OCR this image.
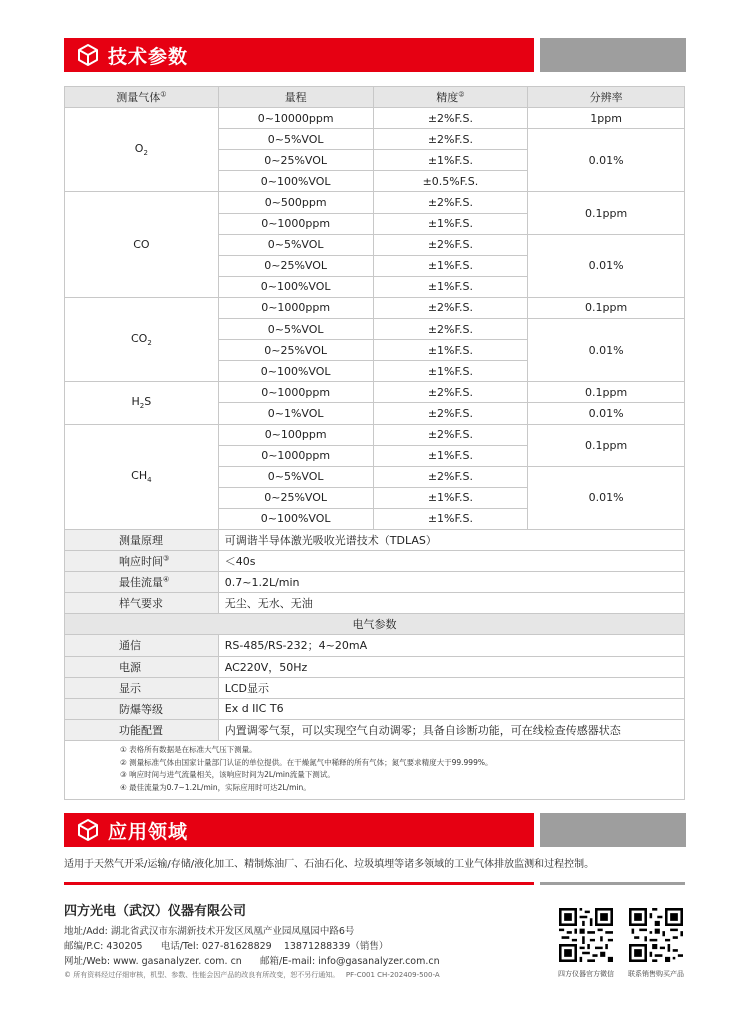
技术参数
测量气体①	量程	精度②	分辨率
$O_2$	0~10000ppm	±2%F.S.	1ppm
	0~5%VOL	±2%F.S.	0.01%
	0~25%VOL	±1%F.S.	
	0~100%VOL	±0.5%F.S.	
CO	0~500ppm	±2%F.S.	0.1ppm
	0~1000ppm	±1%F.S.	
	0~5%VOL	±2%F.S.	0.01%
	0~25%VOL	±1%F.S.	
	0~100%VOL	±1%F.S.	
$CO_2$	0~1000ppm	±2%F.S.	0.1ppm
	0~5%VOL	±2%F.S.	0.01%
	0~25%VOL	±1%F.S.	
	0~100%VOL	±1%F.S.	
$H_2S$	0~1000ppm	±2%F.S.	0.1ppm
	0~1%VOL	±2%F.S.	0.01%
$CH_4$	0~100ppm	±2%F.S.	0.1ppm
	0~1000ppm	±1%F.S.	
	0~5%VOL	±2%F.S.	0.01%
	0~25%VOL	±1%F.S.	
	0~100%VOL	±1%F.S.	
测量原理	可调谐半导体激光吸收光谱技术（TDLAS）		
响应时间③	＜40s		
最佳流量④	0.7~1.2L/min		
样气要求	无尘、无水、无油		
电气参数			
通信	RS-485/RS-232；4~20mA		
电源	AC220V，50Hz		
显示	LCD显示		
防爆等级	Ex d IIC T6		
功能配置	内置调零气泵，可以实现空气自动调零；具备自诊断功能，可在线检查传感器状态		
① 表格所有数据是在标准大气压下测量。
② 测量标准气体由国家计量部门认证的单位提供。在干燥氮气中稀释的所有气体；氮气要求精度大于99.999%。
③ 响应时间与进气流量相关，该响应时间为2L/min流量下测试。
④ 最佳流量为0.7~1.2L/min，实际应用时可达2L/min。
应用领域
适用于天然气开采/运输/存储/液化加工、精制炼油厂、石油石化、垃圾填埋等诸多领域的工业气体排放监测和过程控制。
四方光电（武汉）仪器有限公司
地址/Add: 湖北省武汉市东湖新技术开发区凤凰产业园凤凰园中路6号
邮编/P.C: 430205 电话/Tel: 027-81628829 13871288339（销售）
网址/Web: www. gasanalyzer. com. cn 邮箱/E-mail: info@gasanalyzer.com.cn
© 所有资料经过仔细审核，机型、参数、性能会因产品的改良有所改变，恕不另行通知。 PF-C001 CH-202409-500-A	四方仪器官方微信	联系销售购买产品
